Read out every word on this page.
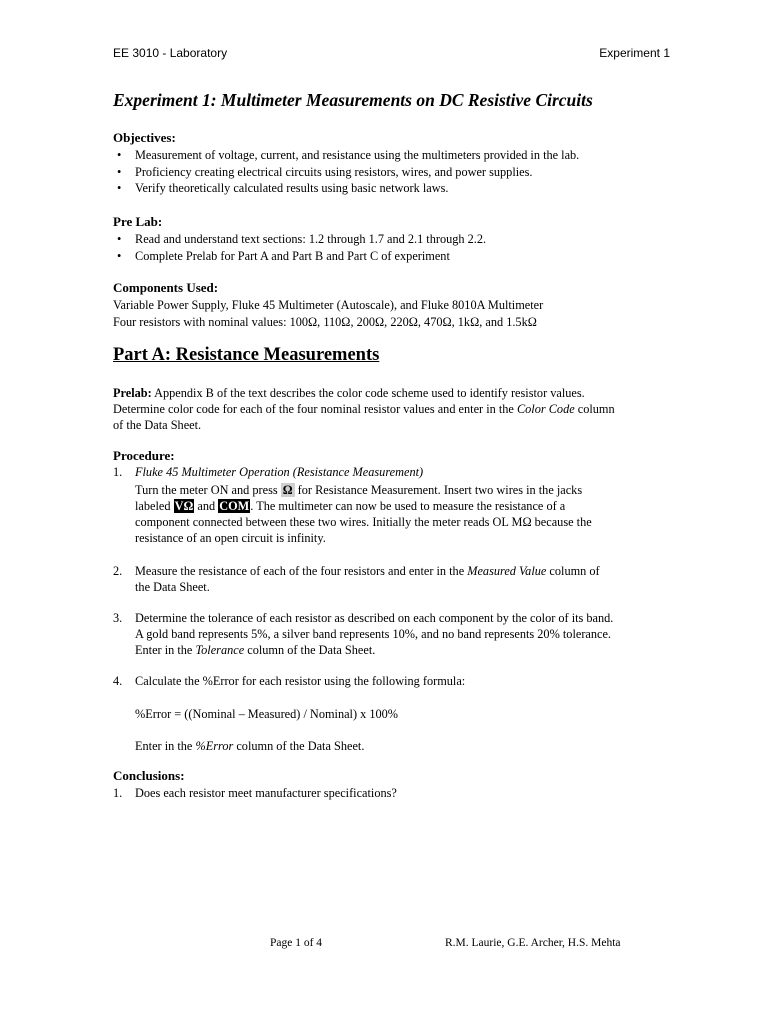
EE 3010 - Laboratory	Experiment 1
Experiment 1: Multimeter Measurements on DC Resistive Circuits
Objectives:
• Measurement of voltage, current, and resistance using the multimeters provided in the lab.
• Proficiency creating electrical circuits using resistors, wires, and power supplies.
• Verify theoretically calculated results using basic network laws.
Pre Lab:
• Read and understand text sections: 1.2 through 1.7 and 2.1 through 2.2.
• Complete Prelab for Part A and Part B and Part C of experiment
Components Used:
Variable Power Supply, Fluke 45 Multimeter (Autoscale), and Fluke 8010A Multimeter
Four resistors with nominal values: 100Ω, 110Ω, 200Ω, 220Ω, 470Ω, 1kΩ, and 1.5kΩ
Part A: Resistance Measurements
Prelab: Appendix B of the text describes the color code scheme used to identify resistor values.
Determine color code for each of the four nominal resistor values and enter in the Color Code column
of the Data Sheet.
Procedure:
1.	Fluke 45 Multimeter Operation (Resistance Measurement)
Turn the meter ON and press Ω for Resistance Measurement. Insert two wires in the jacks
labeled VΩ and COM. The multimeter can now be used to measure the resistance of a
component connected between these two wires. Initially the meter reads OL MΩ because the
resistance of an open circuit is infinity.
2.	Measure the resistance of each of the four resistors and enter in the Measured Value column of
the Data Sheet.
3.	Determine the tolerance of each resistor as described on each component by the color of its band.
A gold band represents 5%, a silver band represents 10%, and no band represents 20% tolerance.
Enter in the Tolerance column of the Data Sheet.
4.	Calculate the %Error for each resistor using the following formula:
%Error = ((Nominal – Measured) / Nominal) x 100%
Enter in the %Error column of the Data Sheet.
Conclusions:
1.	Does each resistor meet manufacturer specifications?
Page 1 of 4	R.M. Laurie, G.E. Archer, H.S. Mehta
